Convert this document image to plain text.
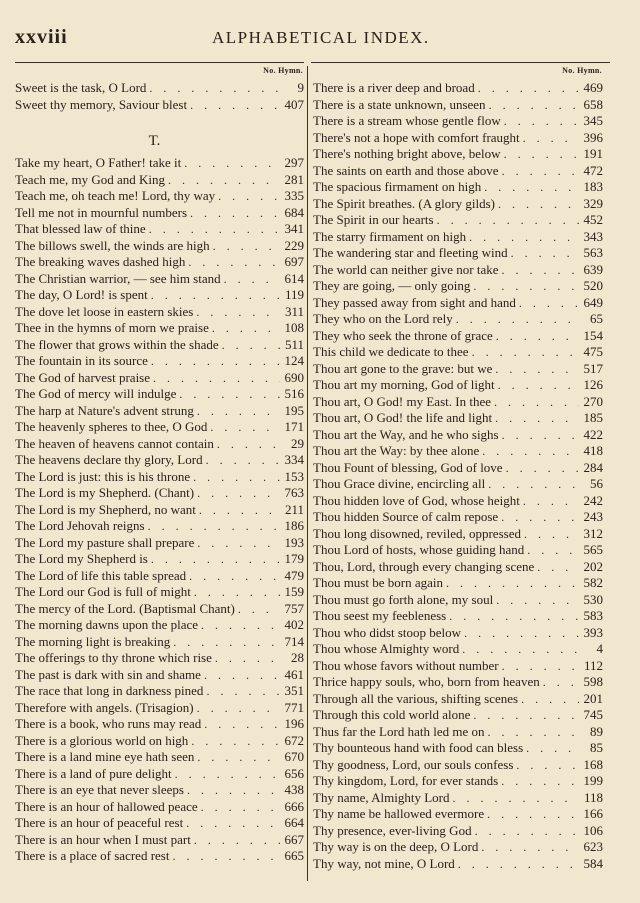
xxviii	ALPHABETICAL INDEX.
No. Hymn.
Sweet is the task, O Lord . . .	9
Sweet thy memory, Saviour blest . . .	407
T.
Take my heart, O Father! take it . . .	297
Teach me, my God and King . . .	281
Teach me, oh teach me! Lord, thy way . . .	335
Tell me not in mournful numbers . . .	684
That blessed law of thine . . .	341
The billows swell, the winds are high . . .	229
The breaking waves dashed high . . .	697
The Christian warrior, — see him stand . . .	614
The day, O Lord! is spent . . .	119
The dove let loose in eastern skies . . .	311
Thee in the hymns of morn we praise . . .	108
The flower that grows within the shade . . .	511
The fountain in its source . . .	124
The God of harvest praise . . .	690
The God of mercy will indulge . . .	516
The harp at Nature's advent strung . . .	195
The heavenly spheres to thee, O God . . .	171
The heaven of heavens cannot contain . . .	29
The heavens declare thy glory, Lord . . .	334
The Lord is just: this is his throne . . .	153
The Lord is my Shepherd. (Chant) . . .	763
The Lord is my Shepherd, no want . . .	211
The Lord Jehovah reigns . . .	186
The Lord my pasture shall prepare . . .	193
The Lord my Shepherd is . . .	179
The Lord of life this table spread . . .	479
The Lord our God is full of might . . .	159
The mercy of the Lord. (Baptismal Chant) . . .	757
The morning dawns upon the place . . .	402
The morning light is breaking . . .	714
The offerings to thy throne which rise . . .	28
The past is dark with sin and shame . . .	461
The race that long in darkness pined . . .	351
Therefore with angels. (Trisagion) . . .	771
There is a book, who runs may read . . .	196
There is a glorious world on high . . .	672
There is a land mine eye hath seen . . .	670
There is a land of pure delight . . .	656
There is an eye that never sleeps . . .	438
There is an hour of hallowed peace . . .	666
There is an hour of peaceful rest . . .	664
There is an hour when I must part . . .	667
There is a place of sacred rest . . .	665
No. Hymn.
There is a river deep and broad . . .	469
There is a state unknown, unseen . . .	658
There is a stream whose gentle flow . . .	345
There's not a hope with comfort fraught . . .	396
There's nothing bright above, below . . .	191
The saints on earth and those above . . .	472
The spacious firmament on high . . .	183
The Spirit breathes. (A glory gilds) . . .	329
The Spirit in our hearts . . .	452
The starry firmament on high . . .	343
The wandering star and fleeting wind . . .	563
The world can neither give nor take . . .	639
They are going, — only going . . .	520
They passed away from sight and hand . . .	649
They who on the Lord rely . . .	65
They who seek the throne of grace . . .	154
This child we dedicate to thee . . .	475
Thou art gone to the grave: but we . . .	517
Thou art my morning, God of light . . .	126
Thou art, O God! my East. In thee . . .	270
Thou art, O God! the life and light . . .	185
Thou art the Way, and he who sighs . . .	422
Thou art the Way: by thee alone . . .	418
Thou Fount of blessing, God of love . . .	284
Thou Grace divine, encircling all . . .	56
Thou hidden love of God, whose height . . .	242
Thou hidden Source of calm repose . . .	243
Thou long disowned, reviled, oppressed . . .	312
Thou Lord of hosts, whose guiding hand . . .	565
Thou, Lord, through every changing scene . . .	202
Thou must be born again . . .	582
Thou must go forth alone, my soul . . .	530
Thou seest my feebleness . . .	583
Thou who didst stoop below . . .	393
Thou whose Almighty word . . .	4
Thou whose favors without number . . .	112
Thrice happy souls, who, born from heaven . . .	598
Through all the various, shifting scenes . . .	201
Through this cold world alone . . .	745
Thus far the Lord hath led me on . . .	89
Thy bounteous hand with food can bless . . .	85
Thy goodness, Lord, our souls confess . . .	168
Thy kingdom, Lord, for ever stands . . .	199
Thy name, Almighty Lord . . .	118
Thy name be hallowed evermore . . .	166
Thy presence, ever-living God . . .	106
Thy way is on the deep, O Lord . . .	623
Thy way, not mine, O Lord . . .	584
